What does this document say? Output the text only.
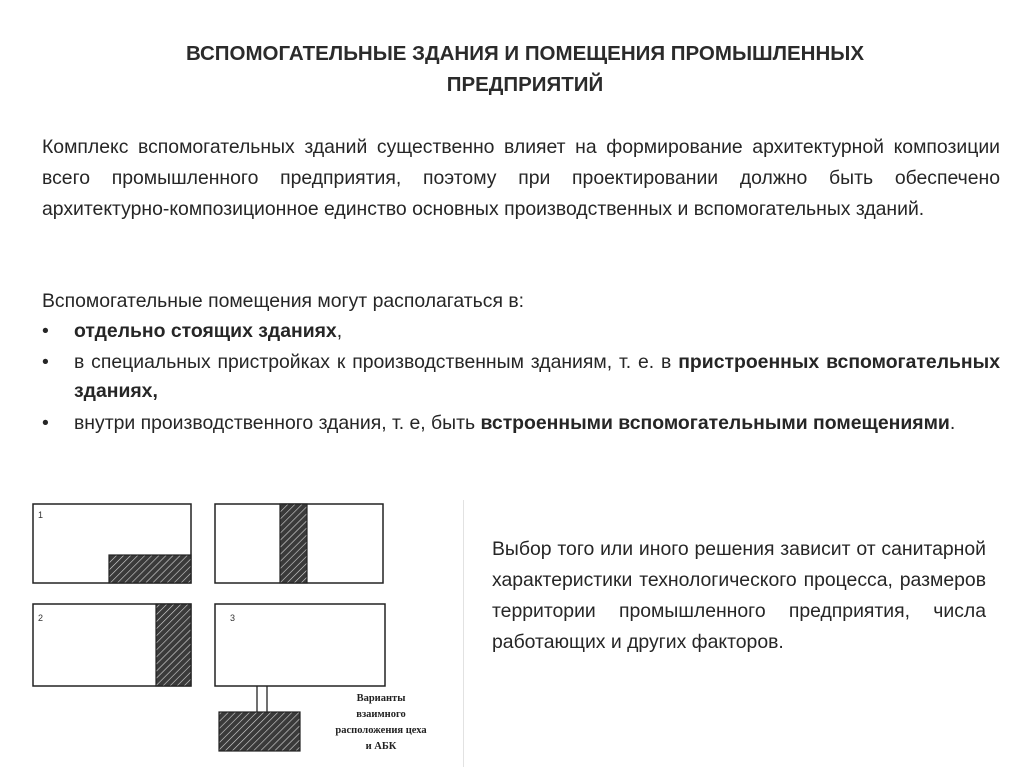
ВСПОМОГАТЕЛЬНЫЕ ЗДАНИЯ И ПОМЕЩЕНИЯ ПРОМЫШЛЕННЫХ
ПРЕДПРИЯТИЙ
Комплекс вспомогательных зданий существенно влияет на формирование архитектурной композиции всего промышленного предприятия, поэтому при проектировании должно быть обеспечено архитектурно-композиционное единство основных производственных и вспомогательных зданий.
Вспомогательные помещения могут располагаться в:
• отдельно стоящих зданиях,
• в специальных пристройках к производственным зданиям, т. е. в пристроенных вспомогательных зданиях,
• внутри производственного здания, т. е, быть встроенными вспомогательными помещениями.
1
2	3
Варианты
взаимного
расположения цеха
и АБК
Выбор того или иного решения зависит от санитарной характеристики технологического процесса, размеров территории промышленного предприятия, числа работающих и других факторов.
